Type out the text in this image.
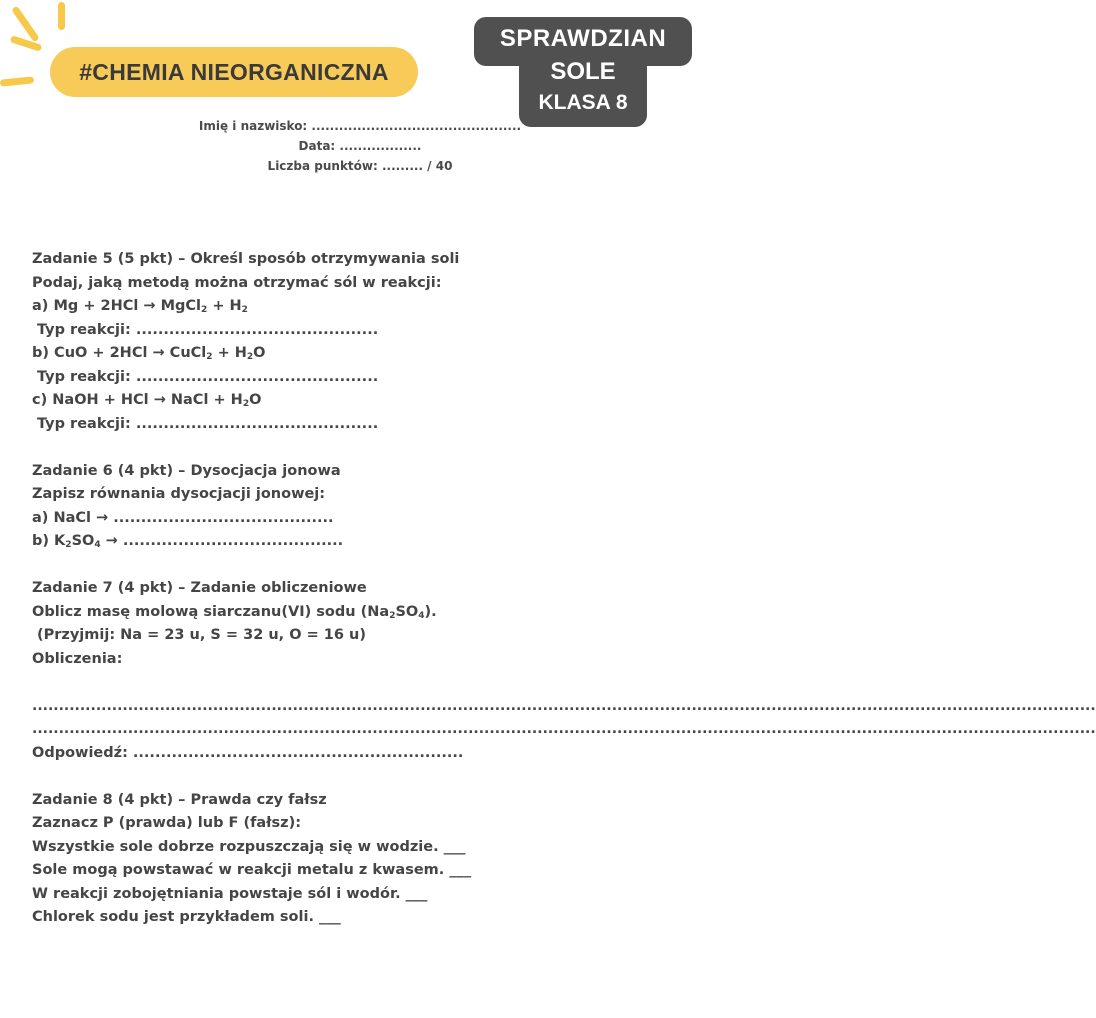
#CHEMIA NIEORGANICZNA
SPRAWDZIAN
SOLE
KLASA 8
Imię i nazwisko: ..............................................
Data: ..................
Liczba punktów: ......... / 40
Zadanie 5 (5 pkt) – Określ sposób otrzymywania soli
Podaj, jaką metodą można otrzymać sól w reakcji:
a) Mg + 2HCl → MgCl$_2$ + $H_2$
Typ reakcji: ............................................
b) CuO + 2HCl → CuCl$_2$ + $H_2O$
Typ reakcji: ............................................
c) NaOH + HCl → NaCl + $H_2O$
Typ reakcji: ............................................
Zadanie 6 (4 pkt) – Dysocjacja jonowa
Zapisz równania dysocjacji jonowej:
a) NaCl → ........................................
b) $K_2SO_4$ → ........................................
Zadanie 7 (4 pkt) – Zadanie obliczeniowe
Oblicz masę molową siarczanu(VI) sodu $(Na_2SO_4)$.
(Przyjmij: Na = 23 u, S = 32 u, O = 16 u)
Obliczenia:
........................................................................................................................................................................................................
........................................................................................................................................................................................................
Odpowiedź: ............................................................
Zadanie 8 (4 pkt) – Prawda czy fałsz
Zaznacz P (prawda) lub F (fałsz):
Wszystkie sole dobrze rozpuszczają się w wodzie. ___
Sole mogą powstawać w reakcji metalu z kwasem. ___
W reakcji zobojętniania powstaje sól i wodór. ___
Chlorek sodu jest przykładem soli. ___
